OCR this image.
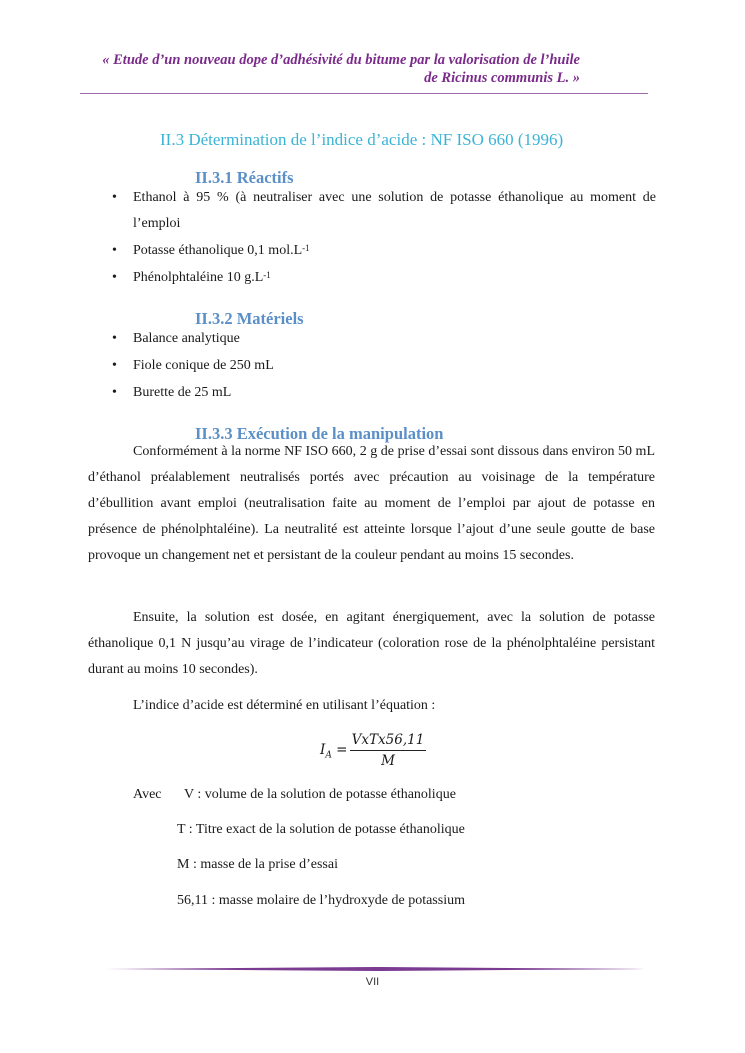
« Etude d’un nouveau dope d’adhésivité du bitume par la valorisation de l’huile
de Ricinus communis L. »
II.3 Détermination de l’indice d’acide : NF ISO 660 (1996)
II.3.1 Réactifs
• Ethanol à 95 % (à neutraliser avec une solution de potasse éthanolique au moment de l’emploi
• Potasse éthanolique 0,1 $mol.L^{-1}$
• Phénolphtaléine 10 $g.L^{-1}$
II.3.2 Matériels
• Balance analytique
• Fiole conique de 250 mL
• Burette de 25 mL
II.3.3 Exécution de la manipulation
Conformément à la norme NF ISO 660, 2 g de prise d’essai sont dissous dans environ 50 mL d’éthanol préalablement neutralisés portés avec précaution au voisinage de la température d’ébullition avant emploi (neutralisation faite au moment de l’emploi par ajout de potasse en présence de phénolphtaléine). La neutralité est atteinte lorsque l’ajout d’une seule goutte de base provoque un changement net et persistant de la couleur pendant au moins 15 secondes.
Ensuite, la solution est dosée, en agitant énergiquement, avec la solution de potasse éthanolique 0,1 N jusqu’au virage de l’indicateur (coloration rose de la phénolphtaléine persistant durant au moins 10 secondes).
L’indice d’acide est déterminé en utilisant l’équation :
$I_A$ =
VxTx56,11
M
Avec V : volume de la solution de potasse éthanolique
T : Titre exact de la solution de potasse éthanolique
M : masse de la prise d’essai
56,11 : masse molaire de l’hydroxyde de potassium
VII
